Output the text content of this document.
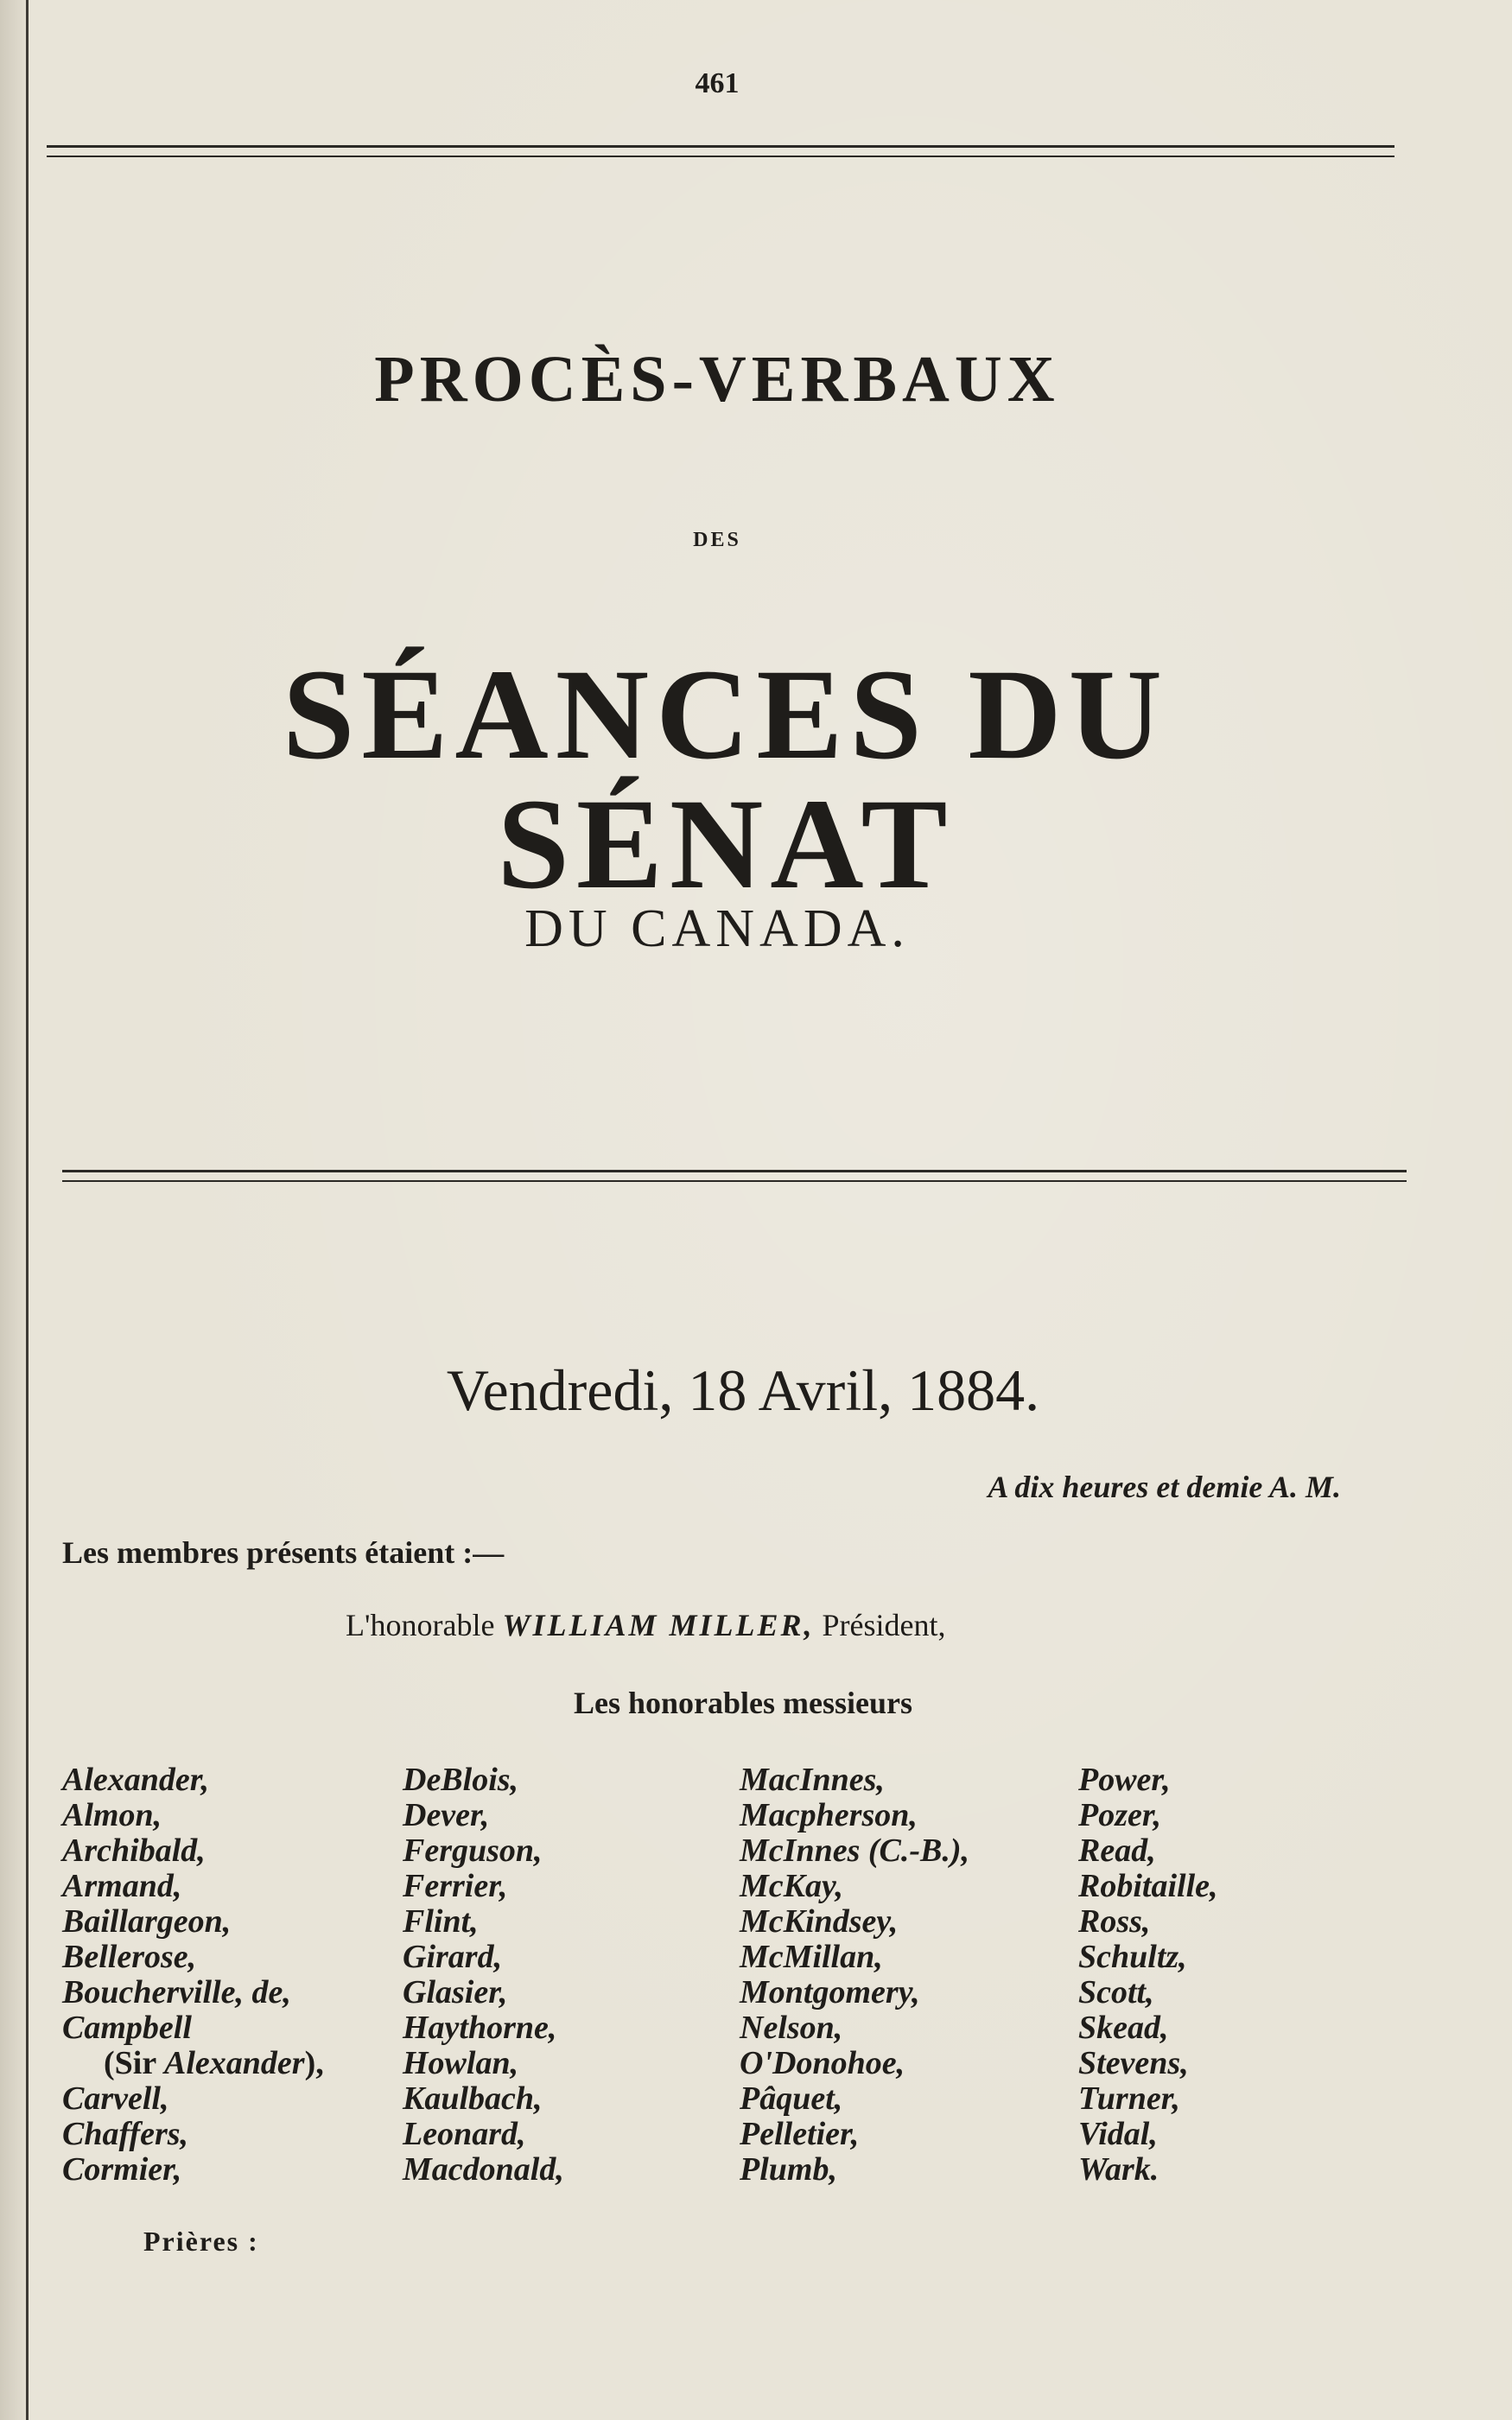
461
PROCÈS-VERBAUX
DES
SÉANCES DU SÉNAT
DU CANADA.
Vendredi, 18 Avril, 1884.
A dix heures et demie A. M.
Les membres présents étaient :—
L'honorable WILLIAM MILLER, Président,
Les honorables messieurs
Alexander,
Almon,
Archibald,
Armand,
Baillargeon,
Bellerose,
Boucherville, de,
Campbell
(Sir Alexander),
Carvell,
Chaffers,
Cormier,
DeBlois,
Dever,
Ferguson,
Ferrier,
Flint,
Girard,
Glasier,
Haythorne,
Howlan,
Kaulbach,
Leonard,
Macdonald,
MacInnes,
Macpherson,
McInnes (C.-B.),
McKay,
McKindsey,
McMillan,
Montgomery,
Nelson,
O'Donohoe,
Pâquet,
Pelletier,
Plumb,
Power,
Pozer,
Read,
Robitaille,
Ross,
Schultz,
Scott,
Skead,
Stevens,
Turner,
Vidal,
Wark.
Prières :
